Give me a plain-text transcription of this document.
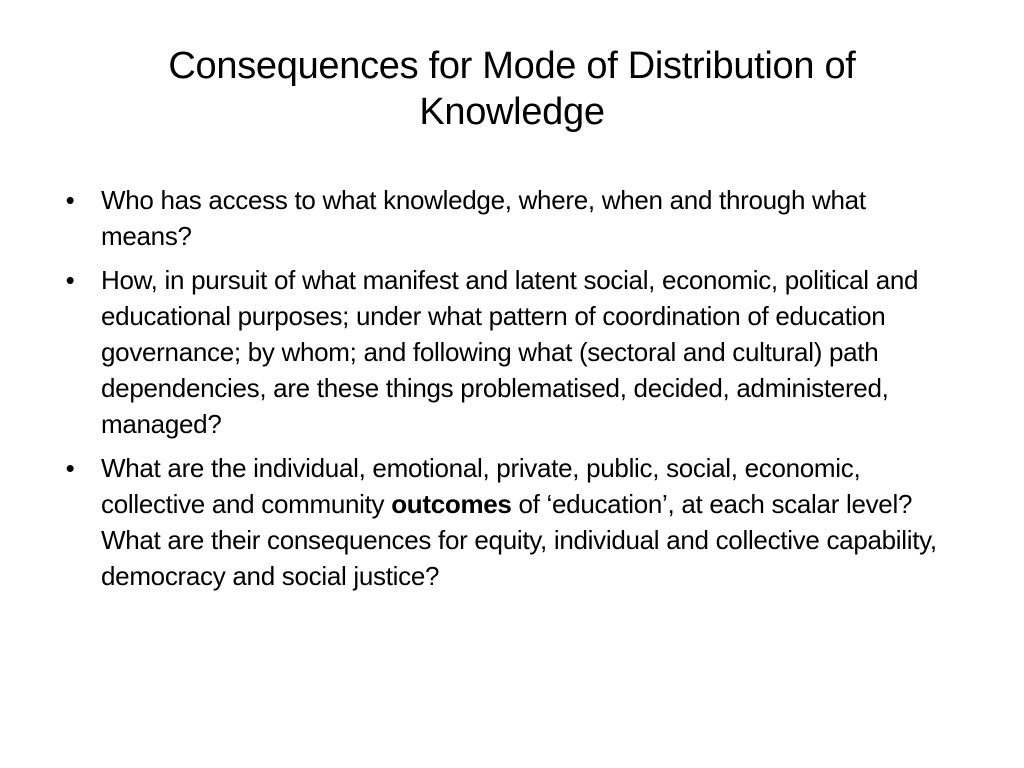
Consequences for Mode of Distribution of Knowledge
• Who has access to what knowledge, where, when and through what means?
• How, in pursuit of what manifest and latent social, economic, political and educational purposes; under what pattern of coordination of education governance; by whom; and following what (sectoral and cultural) path dependencies, are these things problematised, decided, administered, managed?
• What are the individual, emotional, private, public, social, economic, collective and community outcomes of ‘education’, at each scalar level? What are their consequences for equity, individual and collective capability, democracy and social justice?
